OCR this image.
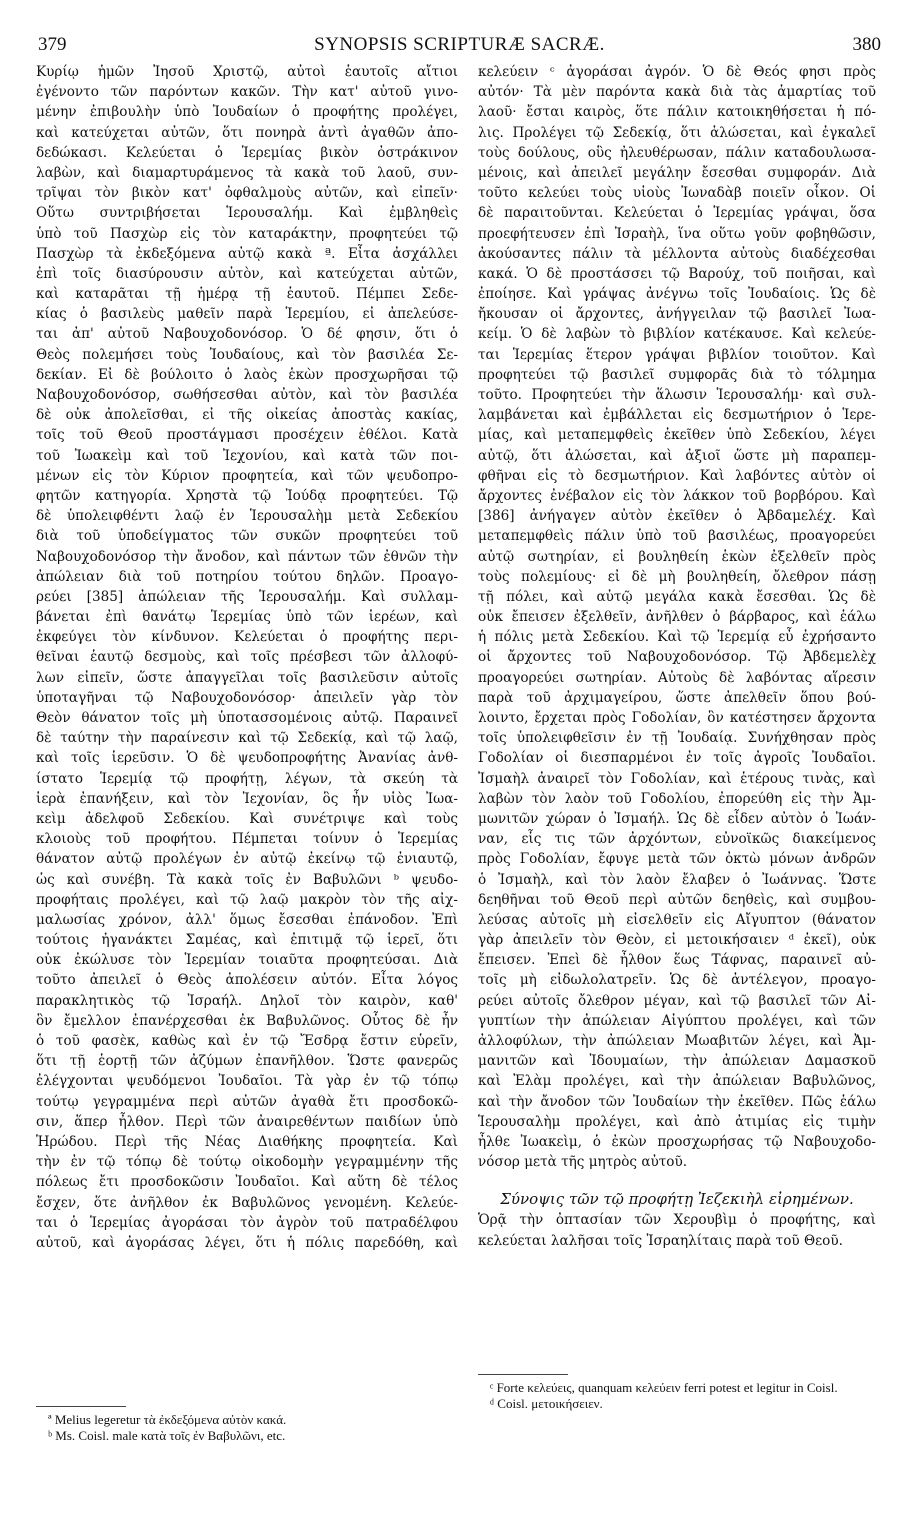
379	SYNOPSIS SCRIPTURÆ SACRÆ.	380
Κυρίῳ ἡμῶν Ἰησοῦ Χριστῷ, αὐτοὶ ἑαυτοῖς αἴτιοι
ἐγένοντο τῶν παρόντων κακῶν. Τὴν κατ' αὐτοῦ γινο-
μένην ἐπιβουλὴν ὑπὸ Ἰουδαίων ὁ προφήτης προλέγει,
καὶ κατεύχεται αὐτῶν, ὅτι πονηρὰ ἀντὶ ἀγαθῶν ἀπο-
δεδώκασι. Κελεύεται ὁ Ἱερεμίας βικὸν ὀστράκινον
λαβὼν, καὶ διαμαρτυράμενος τὰ κακὰ τοῦ λαοῦ, συν-
τρῖψαι τὸν βικὸν κατ' ὀφθαλμοὺς αὐτῶν, καὶ εἰπεῖν·
Οὕτω συντριβήσεται Ἱερουσαλήμ. Καὶ ἐμβληθεὶς
ὑπὸ τοῦ Πασχὼρ εἰς τὸν καταράκτην, προφητεύει τῷ
Πασχὼρ τὰ ἐκδεξόμενα αὐτῷ κακὰ ª. Εἶτα ἀσχάλλει
ἐπὶ τοῖς διασύρουσιν αὐτὸν, καὶ κατεύχεται αὐτῶν,
καὶ καταρᾶται τῇ ἡμέρᾳ τῇ ἑαυτοῦ. Πέμπει Σεδε-
κίας ὁ βασιλεὺς μαθεῖν παρὰ Ἱερεμίου, εἰ ἀπελεύσε-
ται ἀπ' αὐτοῦ Ναβουχοδονόσορ. Ὁ δέ φησιν, ὅτι ὁ
Θεὸς πολεμήσει τοὺς Ἰουδαίους, καὶ τὸν βασιλέα Σε-
δεκίαν. Εἰ δὲ βούλοιτο ὁ λαὸς ἑκὼν προσχωρῆσαι τῷ
Ναβουχοδονόσορ, σωθήσεσθαι αὐτὸν, καὶ τὸν βασιλέα
δὲ οὐκ ἀπολεῖσθαι, εἰ τῆς οἰκείας ἀποστὰς κακίας,
τοῖς τοῦ Θεοῦ προστάγμασι προσέχειν ἐθέλοι. Κατὰ
τοῦ Ἰωακεὶμ καὶ τοῦ Ἰεχονίου, καὶ κατὰ τῶν ποι-
μένων εἰς τὸν Κύριον προφητεία, καὶ τῶν ψευδοπρο-
φητῶν κατηγορία. Χρηστὰ τῷ Ἰούδᾳ προφητεύει. Τῷ
δὲ ὑπολειφθέντι λαῷ ἐν Ἱερουσαλὴμ μετὰ Σεδεκίου
διὰ τοῦ ὑποδείγματος τῶν συκῶν προφητεύει τοῦ
Ναβουχοδονόσορ τὴν ἄνοδον, καὶ πάντων τῶν ἐθνῶν τὴν
ἀπώλειαν διὰ τοῦ ποτηρίου τούτου δηλῶν. Προαγο-
ρεύει [385] ἀπώλειαν τῆς Ἱερουσαλήμ. Καὶ συλλαμ-
βάνεται ἐπὶ θανάτῳ Ἱερεμίας ὑπὸ τῶν ἱερέων, καὶ
ἐκφεύγει τὸν κίνδυνον. Κελεύεται ὁ προφήτης περι-
θεῖναι ἑαυτῷ δεσμοὺς, καὶ τοῖς πρέσβεσι τῶν ἀλλοφύ-
λων εἰπεῖν, ὥστε ἀπαγγεῖλαι τοῖς βασιλεῦσιν αὐτοῖς
ὑποταγῆναι τῷ Ναβουχοδονόσορ· ἀπειλεῖν γὰρ τὸν
Θεὸν θάνατον τοῖς μὴ ὑποτασσομένοις αὐτῷ. Παραινεῖ
δὲ ταύτην τὴν παραίνεσιν καὶ τῷ Σεδεκίᾳ, καὶ τῷ λαῷ,
καὶ τοῖς ἱερεῦσιν. Ὁ δὲ ψευδοπροφήτης Ἀνανίας ἀνθ-
ίστατο Ἱερεμίᾳ τῷ προφήτῃ, λέγων, τὰ σκεύη τὰ
ἱερὰ ἐπανήξειν, καὶ τὸν Ἰεχονίαν, ὃς ἦν υἱὸς Ἰωα-
κεὶμ ἀδελφοῦ Σεδεκίου. Καὶ συνέτριψε καὶ τοὺς
κλοιοὺς τοῦ προφήτου. Πέμπεται τοίνυν ὁ Ἱερεμίας
θάνατον αὐτῷ προλέγων ἐν αὐτῷ ἐκείνῳ τῷ ἐνιαυτῷ,
ὡς καὶ συνέβη. Τὰ κακὰ τοῖς ἐν Βαβυλῶνι ᵇ ψευδο-
προφήταις προλέγει, καὶ τῷ λαῷ μακρὸν τὸν τῆς αἰχ-
μαλωσίας χρόνον, ἀλλ' ὅμως ἔσεσθαι ἐπάνοδον. Ἐπὶ
τούτοις ἠγανάκτει Σαμέας, καὶ ἐπιτιμᾷ τῷ ἱερεῖ, ὅτι
οὐκ ἐκώλυσε τὸν Ἱερεμίαν τοιαῦτα προφητεύσαι. Διὰ
τοῦτο ἀπειλεῖ ὁ Θεὸς ἀπολέσειν αὐτόν. Εἶτα λόγος
παρακλητικὸς τῷ Ἰσραήλ. Δηλοῖ τὸν καιρὸν, καθ'
ὃν ἔμελλον ἐπανέρχεσθαι ἐκ Βαβυλῶνος. Οὗτος δὲ ἦν
ὁ τοῦ φασὲκ, καθὼς καὶ ἐν τῷ Ἔσδρᾳ ἔστιν εὑρεῖν,
ὅτι τῇ ἑορτῇ τῶν ἀζύμων ἐπανῆλθον. Ὥστε φανερῶς
ἐλέγχονται ψευδόμενοι Ἰουδαῖοι. Τὰ γὰρ ἐν τῷ τόπῳ
τούτῳ γεγραμμένα περὶ αὐτῶν ἀγαθὰ ἔτι προσδοκῶ-
σιν, ἅπερ ἦλθον. Περὶ τῶν ἀναιρεθέντων παιδίων ὑπὸ
Ἡρώδου. Περὶ τῆς Νέας Διαθήκης προφητεία. Καὶ
τὴν ἐν τῷ τόπῳ δὲ τούτῳ οἰκοδομὴν γεγραμμένην τῆς
πόλεως ἔτι προσδοκῶσιν Ἰουδαῖοι. Καὶ αὕτη δὲ τέλος
ἔσχεν, ὅτε ἀνῆλθον ἐκ Βαβυλῶνος γενομένη. Κελεύε-
ται ὁ Ἱερεμίας ἀγοράσαι τὸν ἀγρὸν τοῦ πατραδέλφου
αὐτοῦ, καὶ ἀγοράσας λέγει, ὅτι ἡ πόλις παρεδόθη, καὶ
κελεύειν ᶜ ἀγοράσαι ἀγρόν. Ὁ δὲ Θεός φησι πρὸς
αὐτόν· Τὰ μὲν παρόντα κακὰ διὰ τὰς ἁμαρτίας τοῦ
λαοῦ· ἔσται καιρὸς, ὅτε πάλιν κατοικηθήσεται ἡ πό-
λις. Προλέγει τῷ Σεδεκίᾳ, ὅτι ἁλώσεται, καὶ ἐγκαλεῖ
τοὺς δούλους, οὓς ἠλευθέρωσαν, πάλιν καταδουλωσα-
μένοις, καὶ ἀπειλεῖ μεγάλην ἔσεσθαι συμφοράν. Διὰ
τοῦτο κελεύει τοὺς υἱοὺς Ἰωναδὰβ ποιεῖν οἶκον. Οἱ
δὲ παραιτοῦνται. Κελεύεται ὁ Ἱερεμίας γράψαι, ὅσα
προεφήτευσεν ἐπὶ Ἰσραὴλ, ἵνα οὕτω γοῦν φοβηθῶσιν,
ἀκούσαντες πάλιν τὰ μέλλοντα αὐτοὺς διαδέχεσθαι
κακά. Ὁ δὲ προστάσσει τῷ Βαρούχ, τοῦ ποιῆσαι, καὶ
ἐποίησε. Καὶ γράψας ἀνέγνω τοῖς Ἰουδαίοις. Ὡς δὲ
ἤκουσαν οἱ ἄρχοντες, ἀνήγγειλαν τῷ βασιλεῖ Ἰωα-
κείμ. Ὁ δὲ λαβὼν τὸ βιβλίον κατέκαυσε. Καὶ κελεύε-
ται Ἱερεμίας ἕτερον γράψαι βιβλίον τοιοῦτον. Καὶ
προφητεύει τῷ βασιλεῖ συμφορᾶς διὰ τὸ τόλμημα
τοῦτο. Προφητεύει τὴν ἅλωσιν Ἱερουσαλήμ· καὶ συλ-
λαμβάνεται καὶ ἐμβάλλεται εἰς δεσμωτήριον ὁ Ἱερε-
μίας, καὶ μεταπεμφθεὶς ἐκεῖθεν ὑπὸ Σεδεκίου, λέγει
αὐτῷ, ὅτι ἁλώσεται, καὶ ἀξιοῖ ὥστε μὴ παραπεμ-
φθῆναι εἰς τὸ δεσμωτήριον. Καὶ λαβόντες αὐτὸν οἱ
ἄρχοντες ἐνέβαλον εἰς τὸν λάκκον τοῦ βορβόρου. Καὶ
[386] ἀνήγαγεν αὐτὸν ἐκεῖθεν ὁ Ἀβδαμελέχ. Καὶ
μεταπεμφθεὶς πάλιν ὑπὸ τοῦ βασιλέως, προαγορεύει
αὐτῷ σωτηρίαν, εἰ βουληθείη ἑκὼν ἐξελθεῖν πρὸς
τοὺς πολεμίους· εἰ δὲ μὴ βουληθείη, ὄλεθρον πάσῃ
τῇ πόλει, καὶ αὐτῷ μεγάλα κακὰ ἔσεσθαι. Ὡς δὲ
οὐκ ἔπεισεν ἐξελθεῖν, ἀνῆλθεν ὁ βάρβαρος, καὶ ἑάλω
ἡ πόλις μετὰ Σεδεκίου. Καὶ τῷ Ἱερεμίᾳ εὖ ἐχρήσαντο
οἱ ἄρχοντες τοῦ Ναβουχοδονόσορ. Τῷ Ἀβδεμελὲχ
προαγορεύει σωτηρίαν. Αὐτοὺς δὲ λαβόντας αἵρεσιν
παρὰ τοῦ ἀρχιμαγείρου, ὥστε ἀπελθεῖν ὅπου βού-
λοιντο, ἔρχεται πρὸς Γοδολίαν, ὃν κατέστησεν ἄρχοντα
τοῖς ὑπολειφθεῖσιν ἐν τῇ Ἰουδαίᾳ. Συνήχθησαν πρὸς
Γοδολίαν οἱ διεσπαρμένοι ἐν τοῖς ἀγροῖς Ἰουδαῖοι.
Ἰσμαὴλ ἀναιρεῖ τὸν Γοδολίαν, καὶ ἑτέρους τινὰς, καὶ
λαβὼν τὸν λαὸν τοῦ Γοδολίου, ἐπορεύθη εἰς τὴν Ἀμ-
μωνιτῶν χώραν ὁ Ἰσμαήλ. Ὡς δὲ εἶδεν αὐτὸν ὁ Ἰωάν-
ναν, εἷς τις τῶν ἀρχόντων, εὐνοϊκῶς διακείμενος
πρὸς Γοδολίαν, ἔφυγε μετὰ τῶν ὀκτὼ μόνων ἀνδρῶν
ὁ Ἰσμαὴλ, καὶ τὸν λαὸν ἔλαβεν ὁ Ἰωάννας. Ὥστε
δεηθῆναι τοῦ Θεοῦ περὶ αὐτῶν δεηθεὶς, καὶ συμβου-
λεύσας αὐτοῖς μὴ εἰσελθεῖν εἰς Αἴγυπτον (θάνατον
γὰρ ἀπειλεῖν τὸν Θεὸν, εἰ μετοικήσαιεν ᵈ ἐκεῖ), οὐκ
ἔπεισεν. Ἐπεὶ δὲ ἦλθον ἕως Τάφνας, παραινεῖ αὐ-
τοῖς μὴ εἰδωλολατρεῖν. Ὡς δὲ ἀντέλεγον, προαγο-
ρεύει αὐτοῖς ὄλεθρον μέγαν, καὶ τῷ βασιλεῖ τῶν Αἰ-
γυπτίων τὴν ἀπώλειαν Αἰγύπτου προλέγει, καὶ τῶν
ἀλλοφύλων, τὴν ἀπώλειαν Μωαβιτῶν λέγει, καὶ Ἀμ-
μανιτῶν καὶ Ἰδουμαίων, τὴν ἀπώλειαν Δαμασκοῦ
καὶ Ἐλὰμ προλέγει, καὶ τὴν ἀπώλειαν Βαβυλῶνος,
καὶ τὴν ἄνοδον τῶν Ἰουδαίων τὴν ἐκεῖθεν. Πῶς ἑάλω
Ἱερουσαλὴμ προλέγει, καὶ ἀπὸ ἀτιμίας εἰς τιμὴν
ἦλθε Ἰωακεὶμ, ὁ ἐκὼν προσχωρήσας τῷ Ναβουχοδο-
νόσορ μετὰ τῆς μητρὸς αὐτοῦ.
Σύνοψις τῶν τῷ προφήτῃ Ἰεζεκιὴλ εἰρημένων.
Ὁρᾷ τὴν ὀπτασίαν τῶν Χερουβὶμ ὁ προφήτης, καὶ
κελεύεται λαλῆσαι τοῖς Ἰσραηλίταις παρὰ τοῦ Θεοῦ.
ª Melius legeretur τὰ ἐκδεξόμενα αὐτὸν κακά.
ᵇ Ms. Coisl. male κατὰ τοῖς ἐν Βαβυλῶνι, etc.
ᶜ Forte κελεύεις, quanquam κελεύειν ferri potest et legitur in Coisl.
ᵈ Coisl. μετοικήσειεν.
